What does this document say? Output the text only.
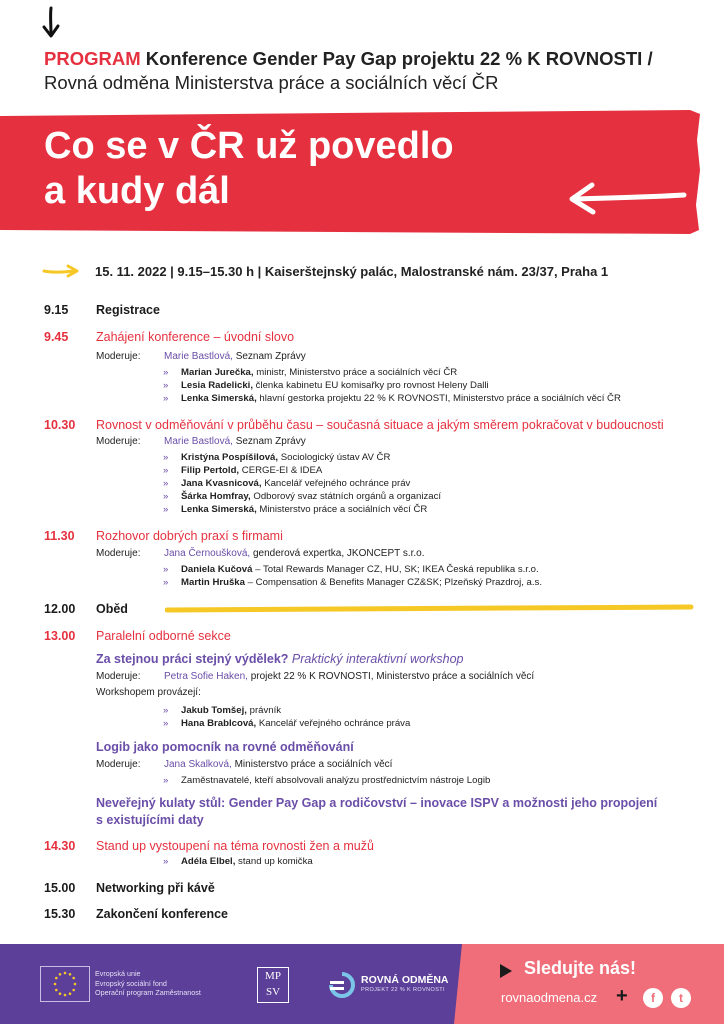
PROGRAM Konference Gender Pay Gap projektu 22 % K ROVNOSTI /
Rovná odměna Ministerstva práce a sociálních věcí ČR
Co se v ČR už povedlo
a kudy dál
15. 11. 2022 | 9.15–15.30 h | Kaiserštejnský palác, Malostranské nám. 23/37, Praha 1
9.15 Registrace
9.45 Zahájení konference – úvodní slovo
Moderuje: Marie Bastlová, Seznam Zprávy
» Marian Jurečka, ministr, Ministerstvo práce a sociálních věcí ČR
» Lesia Radelicki, členka kabinetu EU komisařky pro rovnost Heleny Dalli
» Lenka Simerská, hlavní gestorka projektu 22 % K ROVNOSTI, Ministerstvo práce a sociálních věcí ČR
10.30 Rovnost v odměňování v průběhu času – současná situace a jakým směrem pokračovat v budoucnosti
Moderuje: Marie Bastlová, Seznam Zprávy
» Kristýna Pospíšilová, Sociologický ústav AV ČR
» Filip Pertold, CERGE-EI & IDEA
» Jana Kvasnicová, Kancelář veřejného ochránce práv
» Šárka Homfray, Odborový svaz státních orgánů a organizací
» Lenka Simerská, Ministerstvo práce a sociálních věcí ČR
11.30 Rozhovor dobrých praxí s firmami
Moderuje: Jana Černoušková, genderová expertka, JKONCEPT s.r.o.
» Daniela Kučová – Total Rewards Manager CZ, HU, SK; IKEA Česká republika s.r.o.
» Martin Hruška – Compensation & Benefits Manager CZ&SK; Plzeňský Prazdroj, a.s.
12.00 Oběd
13.00 Paralelní odborné sekce
Za stejnou práci stejný výdělek? Praktický interaktivní workshop
Moderuje: Petra Sofie Haken, projekt 22 % K ROVNOSTI, Ministerstvo práce a sociálních věcí
Workshopem provázejí:
» Jakub Tomšej, právník
» Hana Brablcová, Kancelář veřejného ochránce práva
Logib jako pomocník na rovné odměňování
Moderuje: Jana Skalková, Ministerstvo práce a sociálních věcí
» Zaměstnavatelé, kteří absolvovali analýzu prostřednictvím nástroje Logib
Neveřejný kulaty stůl: Gender Pay Gap a rodičovství – inovace ISPV a možnosti jeho propojení
s existujícími daty
14.30 Stand up vystoupení na téma rovnosti žen a mužů
» Adéla Elbel, stand up komička
15.00 Networking při kávě
15.30 Zakončení konference
Evropská unie
Evropský sociální fond
Operační program Zaměstnanost
MP
SV
ROVNÁ ODMĚNA
PROJEKT 22 % K ROVNOSTI
Sledujte nás!
rovnaodmena.cz +	f	t
